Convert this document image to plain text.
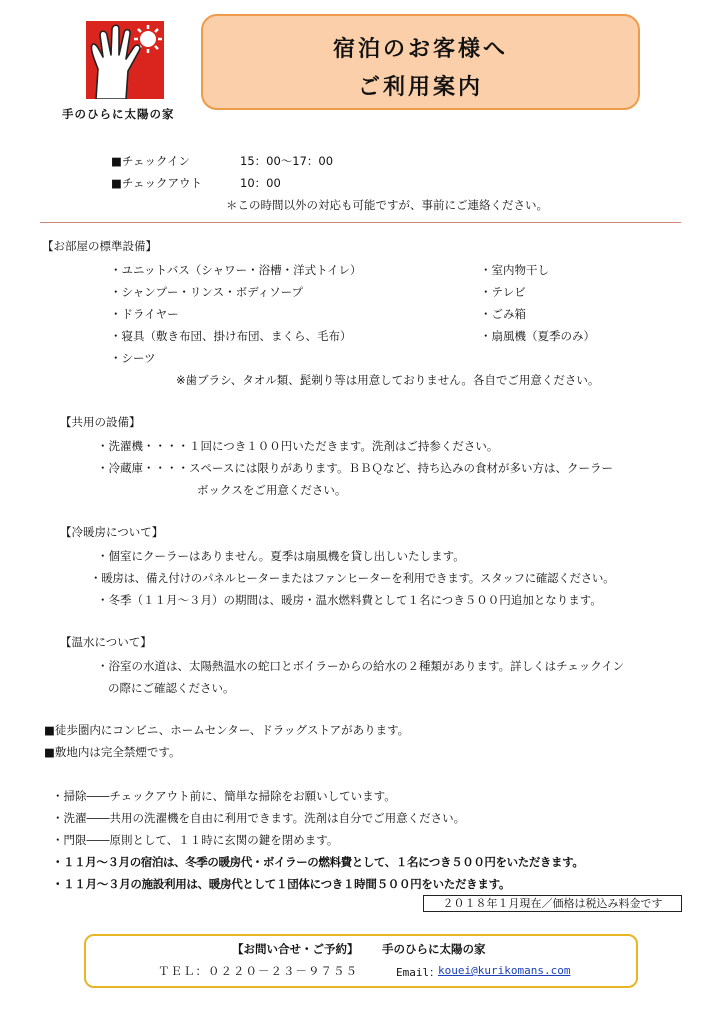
手のひらに太陽の家
宿泊のお客様へ
ご利用案内
■チェックイン	15：00～17：00
■チェックアウト	10：00
＊この時間以外の対応も可能ですが、事前にご連絡ください。
【お部屋の標準設備】
・ユニットバス（シャワー・浴槽・洋式トイレ）
・シャンプー・リンス・ボディソープ
・ドライヤー
・寝具（敷き布団、掛け布団、まくら、毛布）
・シーツ
・室内物干し
・テレビ
・ごみ箱
・扇風機（夏季のみ）
※歯ブラシ、タオル類、髭剃り等は用意しておりません。各自でご用意ください。
【共用の設備】
・洗濯機・・・・１回につき１００円いただきます。洗剤はご持参ください。
・冷蔵庫・・・・スペースには限りがあります。ＢＢＱなど、持ち込みの食材が多い方は、クーラー
ボックスをご用意ください。
【冷暖房について】
・個室にクーラーはありません。夏季は扇風機を貸し出しいたします。
・暖房は、備え付けのパネルヒーターまたはファンヒーターを利用できます。スタッフに確認ください。
・冬季（１１月～３月）の期間は、暖房・温水燃料費として１名につき５００円追加となります。
【温水について】
・浴室の水道は、太陽熱温水の蛇口とボイラーからの給水の２種類があります。詳しくはチェックイン
の際にご確認ください。
■徒歩圏内にコンビニ、ホームセンター、ドラッグストアがあります。
■敷地内は完全禁煙です。
・掃除――チェックアウト前に、簡単な掃除をお願いしています。
・洗濯――共用の洗濯機を自由に利用できます。洗剤は自分でご用意ください。
・門限――原則として、１１時に玄関の鍵を閉めます。
・１１月～３月の宿泊は、冬季の暖房代・ボイラーの燃料費として、１名につき５００円をいただきます。
・１１月～３月の施設利用は、暖房代として１団体につき１時間５００円をいただきます。
２０１８年１月現在／価格は税込み料金です
【お問い合せ・ご予約】 手のひらに太陽の家
ＴＥＬ：０２２０－２３－９７５５	Email：
kouei@kurikomans.com
